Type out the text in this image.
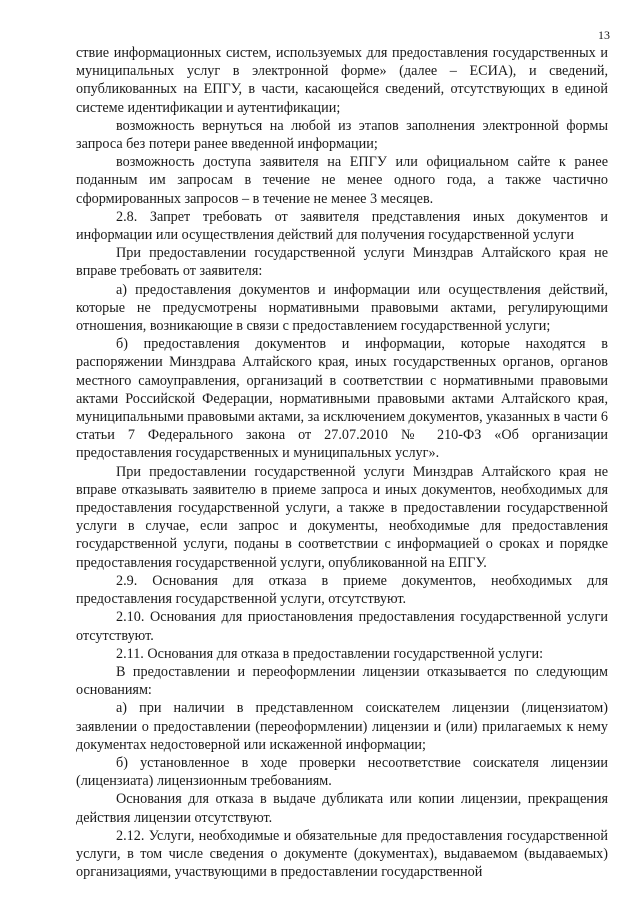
13

ствие информационных систем, используемых для предоставления государственных и муниципальных услуг в электронной форме» (далее – ЕСИА), и сведений, опубликованных на ЕПГУ, в части, касающейся сведений, отсутствующих в единой системе идентификации и аутентификации;

возможность вернуться на любой из этапов заполнения электронной формы запроса без потери ранее введенной информации;

возможность доступа заявителя на ЕПГУ или официальном сайте к ранее поданным им запросам в течение не менее одного года, а также частично сформированных запросов – в течение не менее 3 месяцев.

2.8. Запрет требовать от заявителя представления иных документов и информации или осуществления действий для получения государственной услуги

При предоставлении государственной услуги Минздрав Алтайского края не вправе требовать от заявителя:

а) предоставления документов и информации или осуществления действий, которые не предусмотрены нормативными правовыми актами, регулирующими отношения, возникающие в связи с предоставлением государственной услуги;

б) предоставления документов и информации, которые находятся в распоряжении Минздрава Алтайского края, иных государственных органов, органов местного самоуправления, организаций в соответствии с нормативными правовыми актами Российской Федерации, нормативными правовыми актами Алтайского края, муниципальными правовыми актами, за исключением документов, указанных в части 6 статьи 7 Федерального закона от 27.07.2010 № 210-ФЗ «Об организации предоставления государственных и муниципальных услуг».

При предоставлении государственной услуги Минздрав Алтайского края не вправе отказывать заявителю в приеме запроса и иных документов, необходимых для предоставления государственной услуги, а также в предоставлении государственной услуги в случае, если запрос и документы, необходимые для предоставления государственной услуги, поданы в соответствии с информацией о сроках и порядке предоставления государственной услуги, опубликованной на ЕПГУ.

2.9. Основания для отказа в приеме документов, необходимых для предоставления государственной услуги, отсутствуют.

2.10. Основания для приостановления предоставления государственной услуги отсутствуют.

2.11. Основания для отказа в предоставлении государственной услуги:

В предоставлении и переоформлении лицензии отказывается по следующим основаниям:

а) при наличии в представленном соискателем лицензии (лицензиатом) заявлении о предоставлении (переоформлении) лицензии и (или) прилагаемых к нему документах недостоверной или искаженной информации;

б) установленное в ходе проверки несоответствие соискателя лицензии (лицензиата) лицензионным требованиям.

Основания для отказа в выдаче дубликата или копии лицензии, прекращения действия лицензии отсутствуют.

2.12. Услуги, необходимые и обязательные для предоставления государственной услуги, в том числе сведения о документе (документах), выдаваемом (выдаваемых) организациями, участвующими в предоставлении государственной
